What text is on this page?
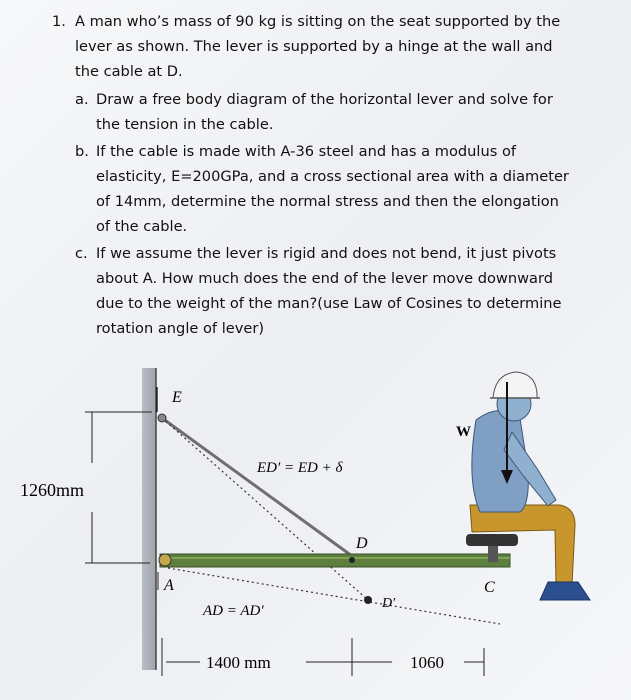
1. A man who’s mass of 90 kg is sitting on the seat supported by the
lever as shown. The lever is supported by a hinge at the wall and
the cable at D.
a. Draw a free body diagram of the horizontal lever and solve for
the tension in the cable.
b. If the cable is made with A-36 steel and has a modulus of
elasticity, E=200GPa, and a cross sectional area with a diameter
of 14mm, determine the normal stress and then the elongation
of the cable.
c. If we assume the lever is rigid and does not bend, it just pivots
about A. How much does the end of the lever move downward
due to the weight of the man?(use Law of Cosines to determine
rotation angle of lever)
E
1260mm
ED′ = ED + δ
D
D′
A	C
AD = AD′
1400 mm	1060
W
